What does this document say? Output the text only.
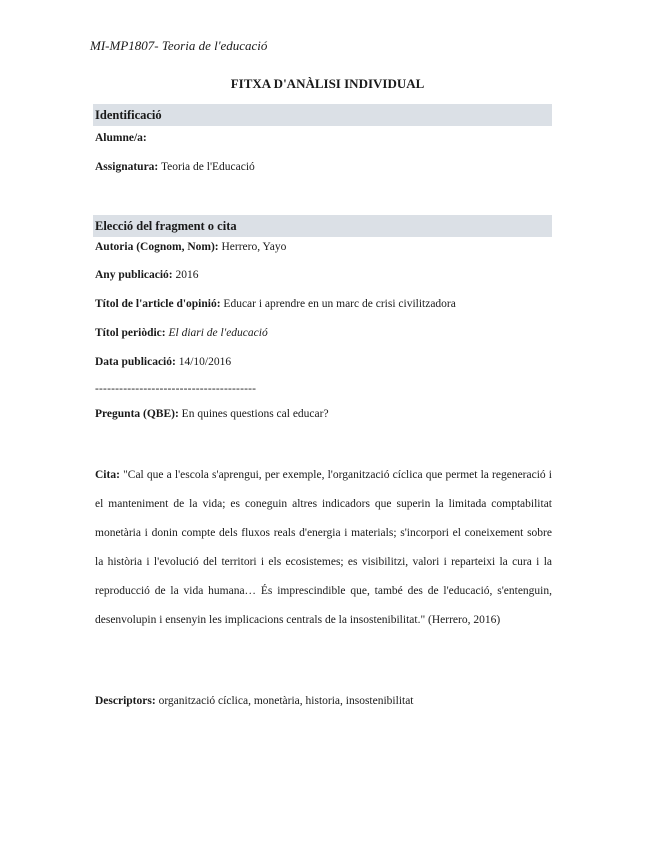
MI-MP1807- Teoria de l'educació
FITXA D'ANÀLISI INDIVIDUAL
Identificació
Alumne/a:
Assignatura: Teoria de l'Educació
Elecció del fragment o cita
Autoria (Cognom, Nom): Herrero, Yayo
Any publicació: 2016
Títol de l'article d'opinió: Educar i aprendre en un marc de crisi civilitzadora
Títol periòdic: El diari de l'educació
Data publicació: 14/10/2016
----------------------------------------
Pregunta (QBE): En quines questions cal educar?
Cita: "Cal que a l'escola s'aprengui, per exemple, l'organització cíclica que permet la regeneració i el manteniment de la vida; es coneguin altres indicadors que superin la limitada comptabilitat monetària i donin compte dels fluxos reals d'energia i materials; s'incorpori el coneixement sobre la història i l'evolució del territori i els ecosistemes; es visibilitzi, valori i reparteixi la cura i la reproducció de la vida humana… És imprescindible que, també des de l'educació, s'entenguin, desenvolupin i ensenyin les implicacions centrals de la insostenibilitat." (Herrero, 2016)
Descriptors: organització cíclica, monetària, historia, insostenibilitat
